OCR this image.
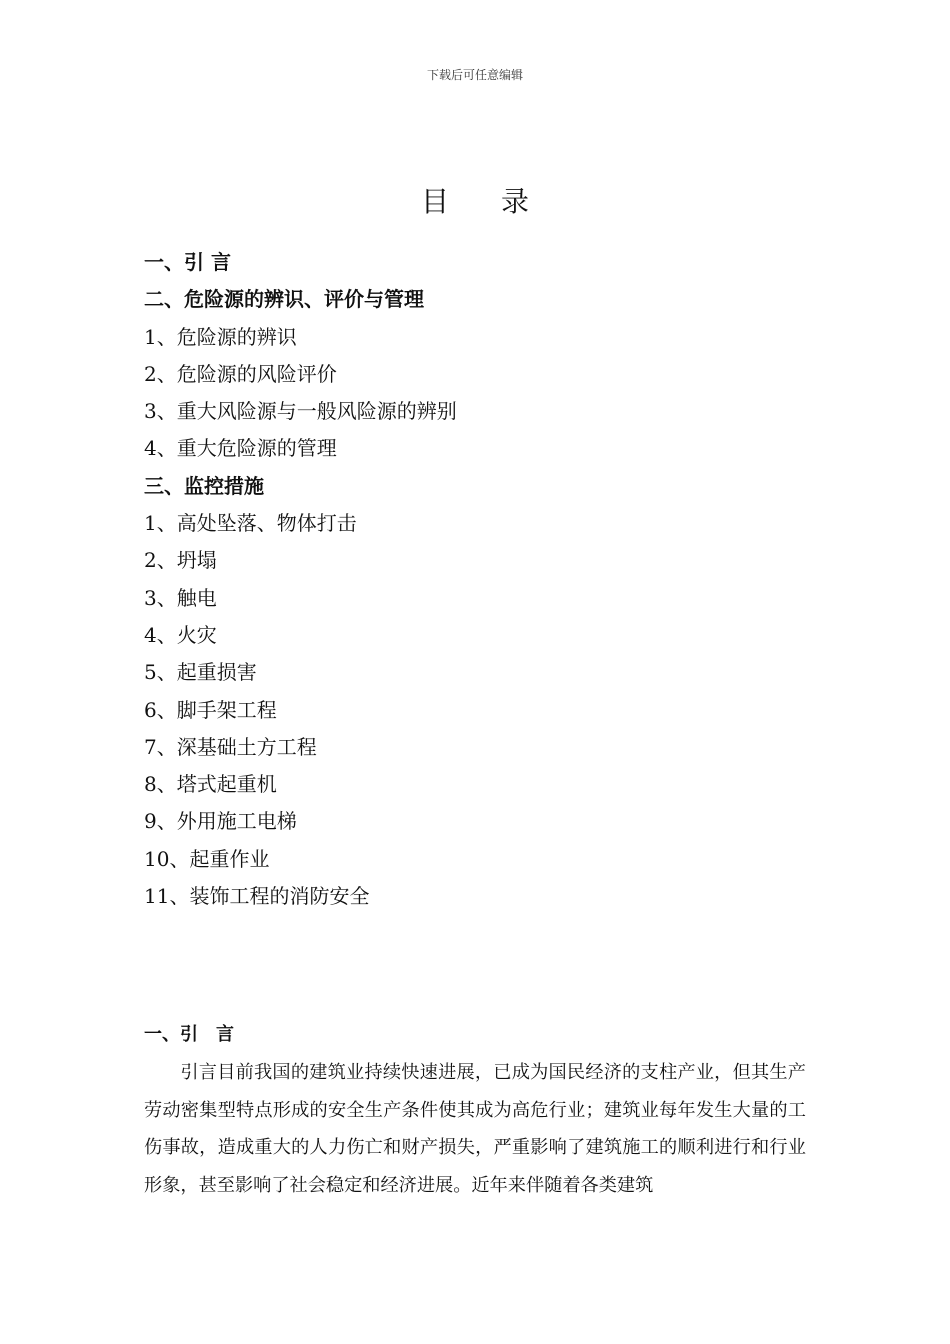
下载后可任意编辑
目录
一、引 言
二、危险源的辨识、评价与管理
1、危险源的辨识
2、危险源的风险评价
3、重大风险源与一般风险源的辨别
4、重大危险源的管理
三、监控措施
1、高处坠落、物体打击
2、坍塌
3、触电
4、火灾
5、起重损害
6、脚手架工程
7、深基础土方工程
8、塔式起重机
9、外用施工电梯
10、起重作业
11、装饰工程的消防安全
一、引　言

引言目前我国的建筑业持续快速进展，已成为国民经济的支柱产业，但其生产劳动密集型特点形成的安全生产条件使其成为高危行业；建筑业每年发生大量的工伤事故，造成重大的人力伤亡和财产损失，严重影响了建筑施工的顺利进行和行业形象，甚至影响了社会稳定和经济进展。近年来伴随着各类建筑
